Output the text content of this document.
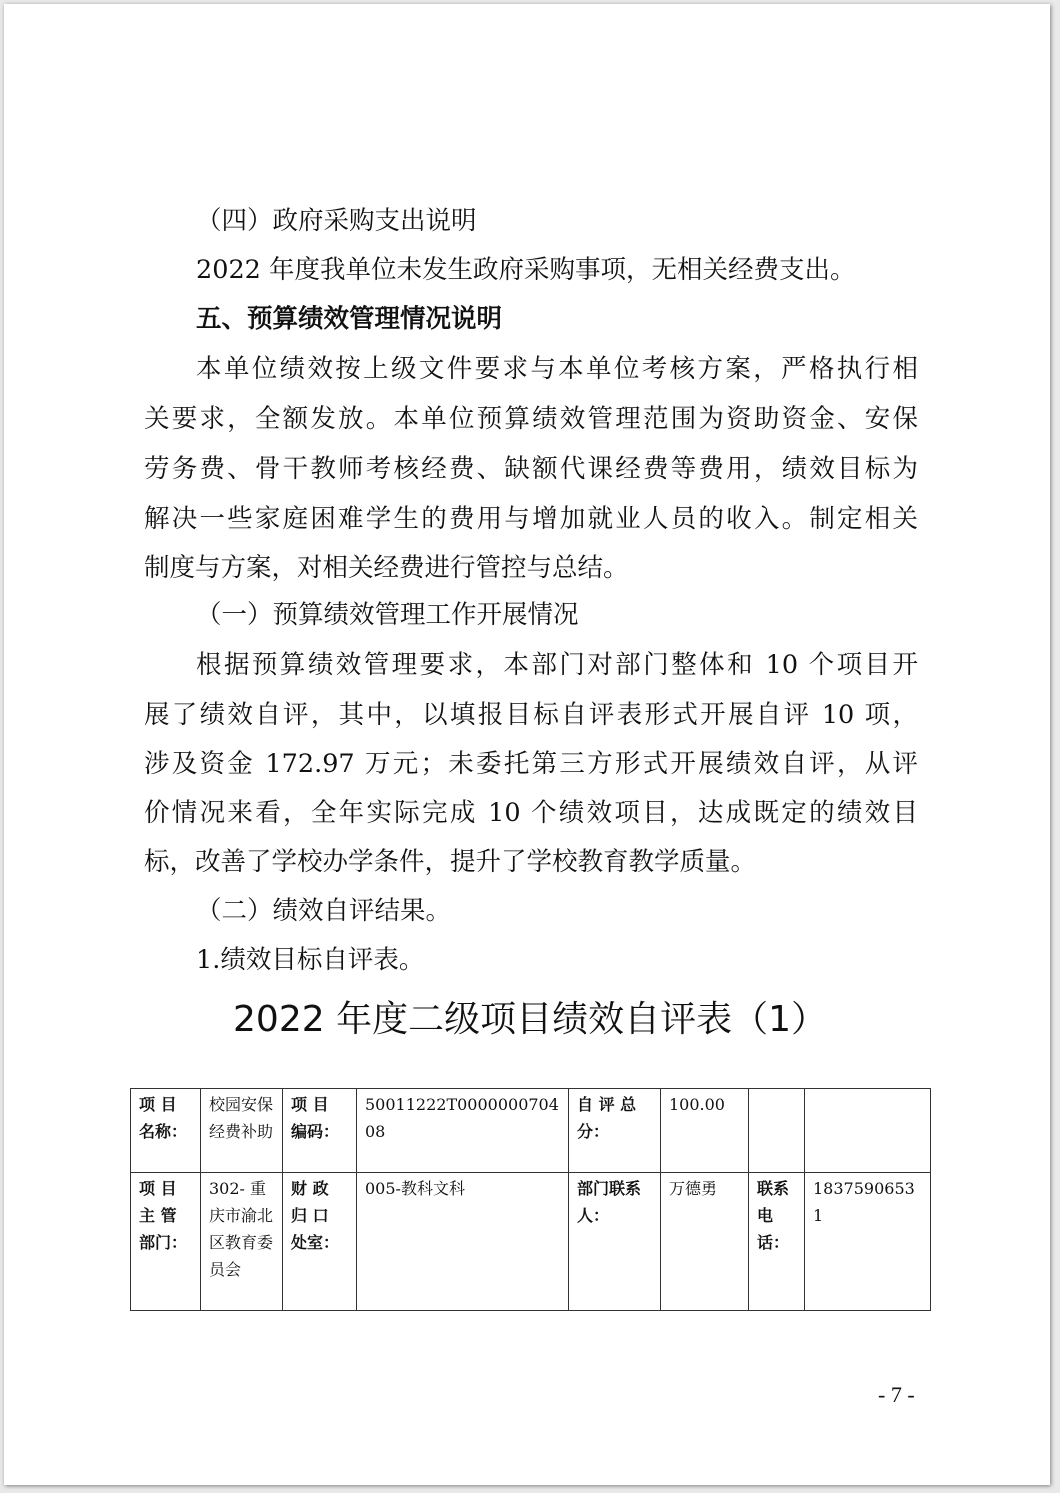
（四）政府采购支出说明
2022 年度我单位未发生政府采购事项，无相关经费支出。
五、预算绩效管理情况说明
本单位绩效按上级文件要求与本单位考核方案，严格执行相
关要求，全额发放。本单位预算绩效管理范围为资助资金、安保
劳务费、骨干教师考核经费、缺额代课经费等费用，绩效目标为
解决一些家庭困难学生的费用与增加就业人员的收入。制定相关
制度与方案，对相关经费进行管控与总结。
（一）预算绩效管理工作开展情况
根据预算绩效管理要求，本部门对部门整体和 10 个项目开
展了绩效自评，其中，以填报目标自评表形式开展自评 10 项，
涉及资金 172.97 万元；未委托第三方形式开展绩效自评，从评
价情况来看，全年实际完成 10 个绩效项目，达成既定的绩效目
标，改善了学校办学条件，提升了学校教育教学质量。
（二）绩效自评结果。
1.绩效目标自评表。
2022 年度二级项目绩效自评表（1）
项 目 名称：	校园安保经费补助	项 目 编码：	50011222T000000070408	自 评 总分：	100.00		
项 目 主 管 部门：	302- 重庆市渝北区教育委员会	财 政 归 口 处室：	005-教科文科	部门联系人：	万德勇	联系电话：	18375906531
- 7 -
